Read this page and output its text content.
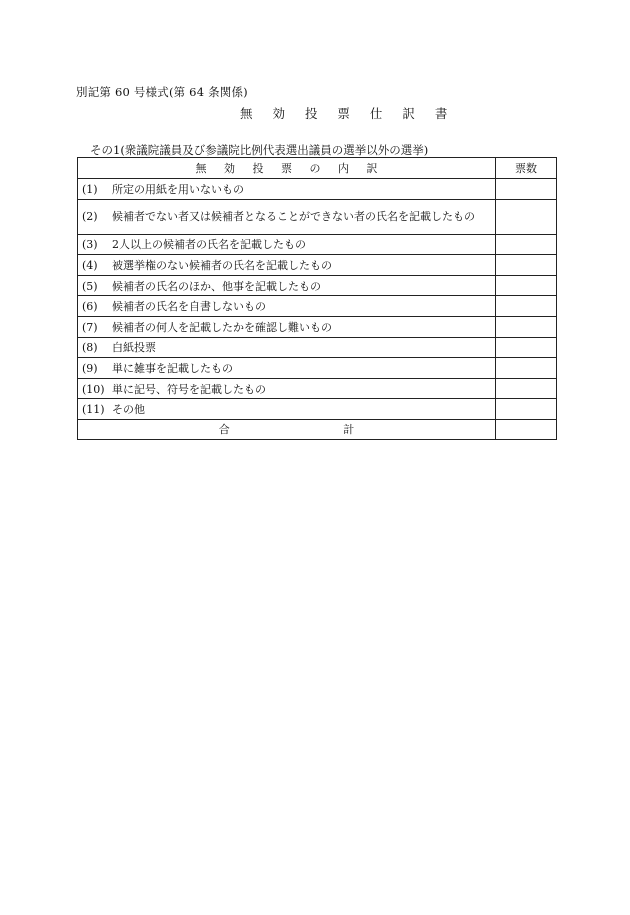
別記第 60 号様式(第 64 条関係)
無 効 投 票 仕 訳 書
その1(衆議院議員及び参議院比例代表選出議員の選挙以外の選挙)
無 効 投 票 の 内 訳	票数
(1) 所定の用紙を用いないもの	
(2) 候補者でない者又は候補者となることができない者の氏名を記載したもの	
(3) 2人以上の候補者の氏名を記載したもの	
(4) 被選挙権のない候補者の氏名を記載したもの	
(5) 候補者の氏名のほか、他事を記載したもの	
(6) 候補者の氏名を自書しないもの	
(7) 候補者の何人を記載したかを確認し難いもの	
(8) 白紙投票	
(9) 単に雑事を記載したもの	
(10) 単に記号、符号を記載したもの	
(11) その他	
合 計	
